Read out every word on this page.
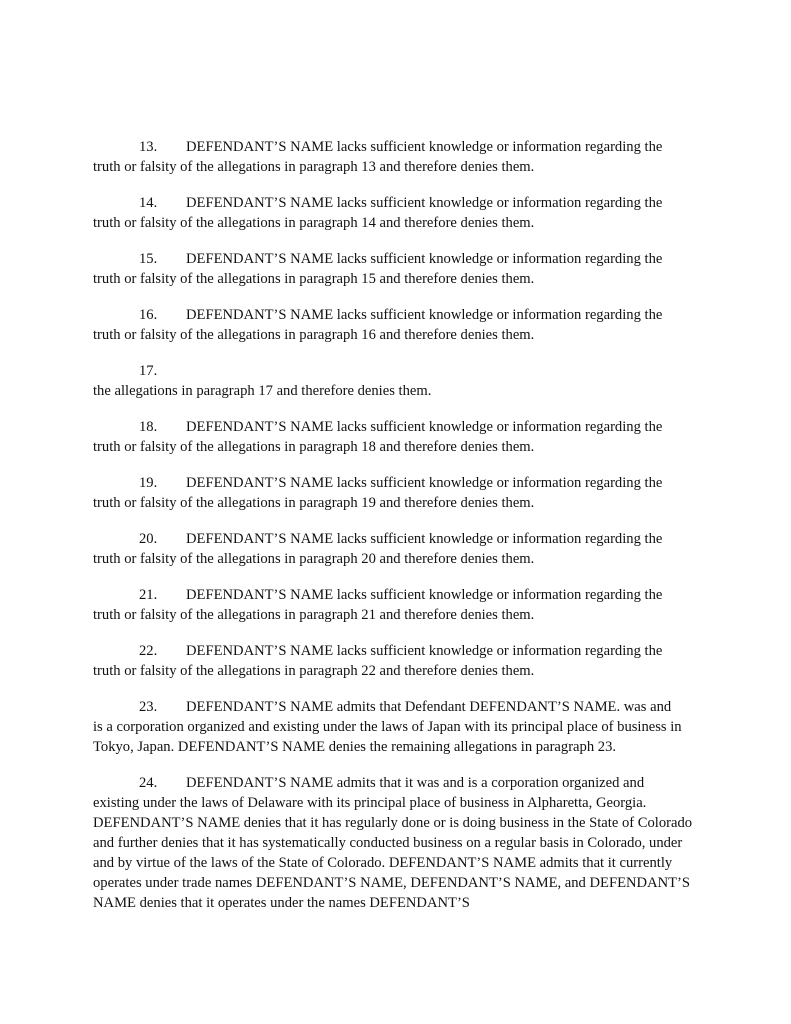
13. DEFENDANT’S NAME lacks sufficient knowledge or information regarding the
truth or falsity of the allegations in paragraph 13 and therefore denies them.

14. DEFENDANT’S NAME lacks sufficient knowledge or information regarding the
truth or falsity of the allegations in paragraph 14 and therefore denies them.

15. DEFENDANT’S NAME lacks sufficient knowledge or information regarding the
truth or falsity of the allegations in paragraph 15 and therefore denies them.

16. DEFENDANT’S NAME lacks sufficient knowledge or information regarding the
truth or falsity of the allegations in paragraph 16 and therefore denies them.

17.
the allegations in paragraph 17 and therefore denies them.

18. DEFENDANT’S NAME lacks sufficient knowledge or information regarding the
truth or falsity of the allegations in paragraph 18 and therefore denies them.

19. DEFENDANT’S NAME lacks sufficient knowledge or information regarding the
truth or falsity of the allegations in paragraph 19 and therefore denies them.

20. DEFENDANT’S NAME lacks sufficient knowledge or information regarding the
truth or falsity of the allegations in paragraph 20 and therefore denies them.

21. DEFENDANT’S NAME lacks sufficient knowledge or information regarding the
truth or falsity of the allegations in paragraph 21 and therefore denies them.

22. DEFENDANT’S NAME lacks sufficient knowledge or information regarding the
truth or falsity of the allegations in paragraph 22 and therefore denies them.

23. DEFENDANT’S NAME admits that Defendant DEFENDANT’S NAME. was and
is a corporation organized and existing under the laws of Japan with its principal place of business in Tokyo, Japan. DEFENDANT’S NAME denies the remaining allegations in paragraph 23.

24. DEFENDANT’S NAME admits that it was and is a corporation organized and
existing under the laws of Delaware with its principal place of business in Alpharetta, Georgia. DEFENDANT’S NAME denies that it has regularly done or is doing business in the State of Colorado and further denies that it has systematically conducted business on a regular basis in Colorado, under and by virtue of the laws of the State of Colorado. DEFENDANT’S NAME admits that it currently operates under trade names DEFENDANT’S NAME, DEFENDANT’S NAME, and DEFENDANT’S NAME denies that it operates under the names DEFENDANT’S
